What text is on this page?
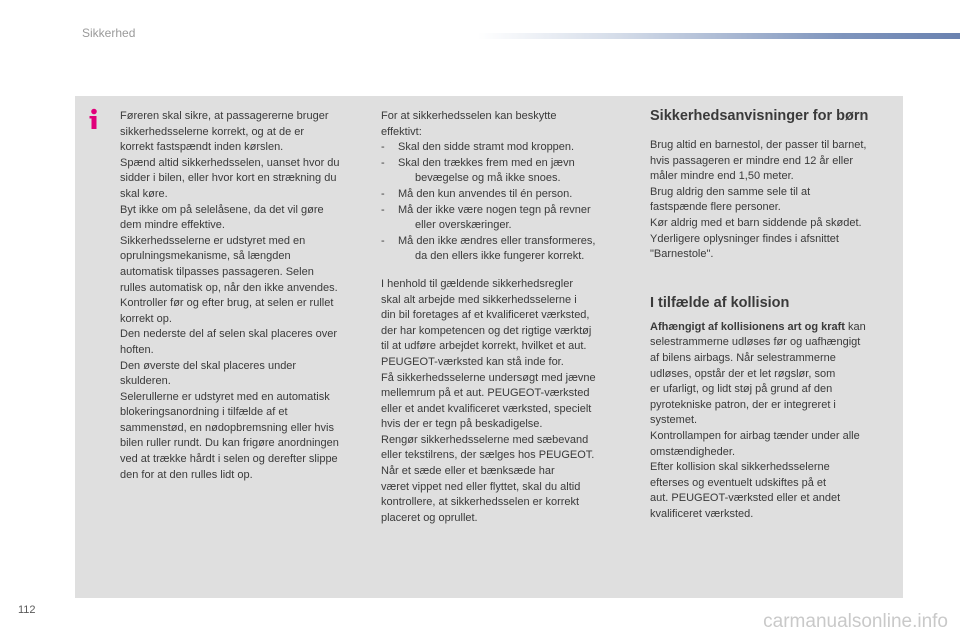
Sikkerhed

Føreren skal sikre, at passagererne bruger

sikkerhedsselerne korrekt, og at de er

korrekt fastspændt inden kørslen.

Spænd altid sikkerhedsselen, uanset hvor du

sidder i bilen, eller hvor kort en strækning du

skal køre.

Byt ikke om på selelåsene, da det vil gøre

dem mindre effektive.

Sikkerhedsselerne er udstyret med en

oprulningsmekanisme, så længden

automatisk tilpasses passageren. Selen

rulles automatisk op, når den ikke anvendes.

Kontroller før og efter brug, at selen er rullet

korrekt op.

Den nederste del af selen skal placeres over

hoften.

Den øverste del skal placeres under

skulderen.

Selerullerne er udstyret med en automatisk

blokeringsanordning i tilfælde af et

sammenstød, en nødopbremsning eller hvis

bilen ruller rundt. Du kan frigøre anordningen

ved at trække hårdt i selen og derefter slippe

den for at den rulles lidt op.

For at sikkerhedsselen kan beskytte

effektivt:

-	Skal den sidde stramt mod kroppen.
-	Skal den trækkes frem med en jævn
bevægelse og må ikke snoes.
-	Må den kun anvendes til én person.
-	Må der ikke være nogen tegn på revner
eller overskæringer.
-	Må den ikke ændres eller transformeres,
da den ellers ikke fungerer korrekt.

I henhold til gældende sikkerhedsregler

skal alt arbejde med sikkerhedsselerne i

din bil foretages af et kvalificeret værksted,

der har kompetencen og det rigtige værktøj

til at udføre arbejdet korrekt, hvilket et aut.

PEUGEOT-værksted kan stå inde for.

Få sikkerhedsselerne undersøgt med jævne

mellemrum på et aut. PEUGEOT-værksted

eller et andet kvalificeret værksted, specielt

hvis der er tegn på beskadigelse.

Rengør sikkerhedsselerne med sæbevand

eller tekstilrens, der sælges hos PEUGEOT.

Når et sæde eller et bænksæde har

været vippet ned eller flyttet, skal du altid

kontrollere, at sikkerhedsselen er korrekt

placeret og oprullet.

Sikkerhedsanvisninger for børn

Brug altid en barnestol, der passer til barnet,

hvis passageren er mindre end 12 år eller

måler mindre end 1,50 meter.

Brug aldrig den samme sele til at

fastspænde flere personer.

Kør aldrig med et barn siddende på skødet.

Yderligere oplysninger findes i afsnittet

"Barnestole".

I tilfælde af kollision

Afhængigt af kollisionens art og kraft kan

selestrammerne udløses før og uafhængigt

af bilens airbags. Når selestrammerne

udløses, opstår der et let røgslør, som

er ufarligt, og lidt støj på grund af den

pyrotekniske patron, der er integreret i

systemet.

Kontrollampen for airbag tænder under alle

omstændigheder.

Efter kollision skal sikkerhedsselerne

efterses og eventuelt udskiftes på et

aut. PEUGEOT-værksted eller et andet

kvalificeret værksted.

112
carmanualsonline.info
